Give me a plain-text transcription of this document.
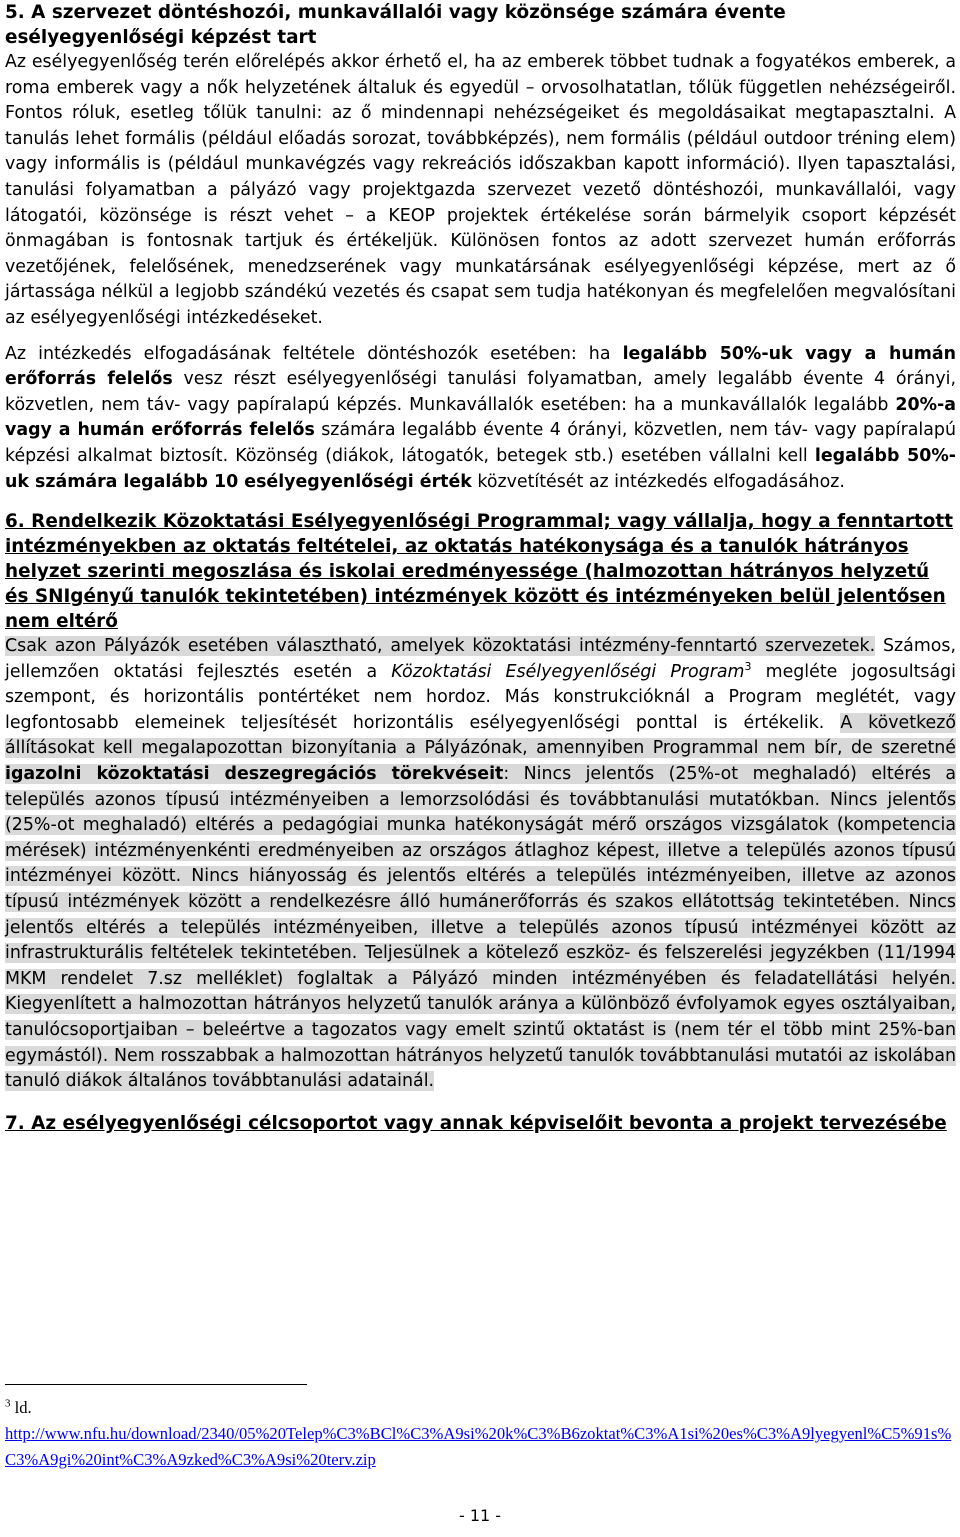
5. A szervezet döntéshozói, munkavállalói vagy közönsége számára évente esélyegyenlőségi képzést tart

Az esélyegyenlőség terén előrelépés akkor érhető el, ha az emberek többet tudnak a fogyatékos emberek, a roma emberek vagy a nők helyzetének általuk és egyedül – orvosolhatatlan, tőlük független nehézségeiről. Fontos róluk, esetleg tőlük tanulni: az ő mindennapi nehézségeiket és megoldásaikat megtapasztalni. A tanulás lehet formális (például előadás sorozat, továbbképzés), nem formális (például outdoor tréning elem) vagy informális is (például munkavégzés vagy rekreációs időszakban kapott információ). Ilyen tapasztalási, tanulási folyamatban a pályázó vagy projektgazda szervezet vezető döntéshozói, munkavállalói, vagy látogatói, közönsége is részt vehet – a KEOP projektek értékelése során bármelyik csoport képzését önmagában is fontosnak tartjuk és értékeljük. Különösen fontos az adott szervezet humán erőforrás vezetőjének, felelősének, menedzserének vagy munkatársának esélyegyenlőségi képzése, mert az ő jártassága nélkül a legjobb szándékú vezetés és csapat sem tudja hatékonyan és megfelelően megvalósítani az esélyegyenlőségi intézkedéseket.

Az intézkedés elfogadásának feltétele döntéshozók esetében: ha legalább 50%-uk vagy a humán erőforrás felelős vesz részt esélyegyenlőségi tanulási folyamatban, amely legalább évente 4 órányi, közvetlen, nem táv- vagy papíralapú képzés. Munkavállalók esetében: ha a munkavállalók legalább 20%-a vagy a humán erőforrás felelős számára legalább évente 4 órányi, közvetlen, nem táv- vagy papíralapú képzési alkalmat biztosít. Közönség (diákok, látogatók, betegek stb.) esetében vállalni kell legalább 50%-uk számára legalább 10 esélyegyenlőségi érték közvetítését az intézkedés elfogadásához.

6. Rendelkezik Közoktatási Esélyegyenlőségi Programmal; vagy vállalja, hogy a fenntartott intézményekben az oktatás feltételei, az oktatás hatékonysága és a tanulók hátrányos helyzet szerinti megoszlása és iskolai eredményessége (halmozottan hátrányos helyzetű és SNIgényű tanulók tekintetében) intézmények között és intézményeken belül jelentősen nem eltérő

Csak azon Pályázók esetében választható, amelyek közoktatási intézmény-fenntartó szervezetek. Számos, jellemzően oktatási fejlesztés esetén a Közoktatási Esélyegyenlőségi Program$^3$ megléte jogosultsági szempont, és horizontális pontértéket nem hordoz. Más konstrukcióknál a Program meglétét, vagy legfontosabb elemeinek teljesítését horizontális esélyegyenlőségi ponttal is értékelik. A következő állításokat kell megalapozottan bizonyítania a Pályázónak, amennyiben Programmal nem bír, de szeretné igazolni közoktatási deszegregációs törekvéseit: Nincs jelentős (25%-ot meghaladó) eltérés a település azonos típusú intézményeiben a lemorzsolódási és továbbtanulási mutatókban. Nincs jelentős (25%-ot meghaladó) eltérés a pedagógiai munka hatékonyságát mérő országos vizsgálatok (kompetencia mérések) intézményenkénti eredményeiben az országos átlaghoz képest, illetve a település azonos típusú intézményei között. Nincs hiányosság és jelentős eltérés a település intézményeiben, illetve az azonos típusú intézmények között a rendelkezésre álló humánerőforrás és szakos ellátottság tekintetében. Nincs jelentős eltérés a település intézményeiben, illetve a település azonos típusú intézményei között az infrastrukturális feltételek tekintetében. Teljesülnek a kötelező eszköz- és felszerelési jegyzékben (11/1994 MKM rendelet 7.sz melléklet) foglaltak a Pályázó minden intézményében és feladatellátási helyén. Kiegyenlített a halmozottan hátrányos helyzetű tanulók aránya a különböző évfolyamok egyes osztályaiban, tanulócsoportjaiban – beleértve a tagozatos vagy emelt szintű oktatást is (nem tér el több mint 25%-ban egymástól). Nem rosszabbak a halmozottan hátrányos helyzetű tanulók továbbtanulási mutatói az iskolában tanuló diákok általános továbbtanulási adatainál.

7. Az esélyegyenlőségi célcsoportot vagy annak képviselőit bevonta a projekt tervezésébe

$^3$ ld.
http://www.nfu.hu/download/2340/05%20Telep%C3%BCl%C3%A9si%20k%C3%B6zoktat%C3%A1si%20es%C3%A9lyegyenl%C5%91s%C3%A9gi%20int%C3%A9zked%C3%A9si%20terv.zip
- 11 -
